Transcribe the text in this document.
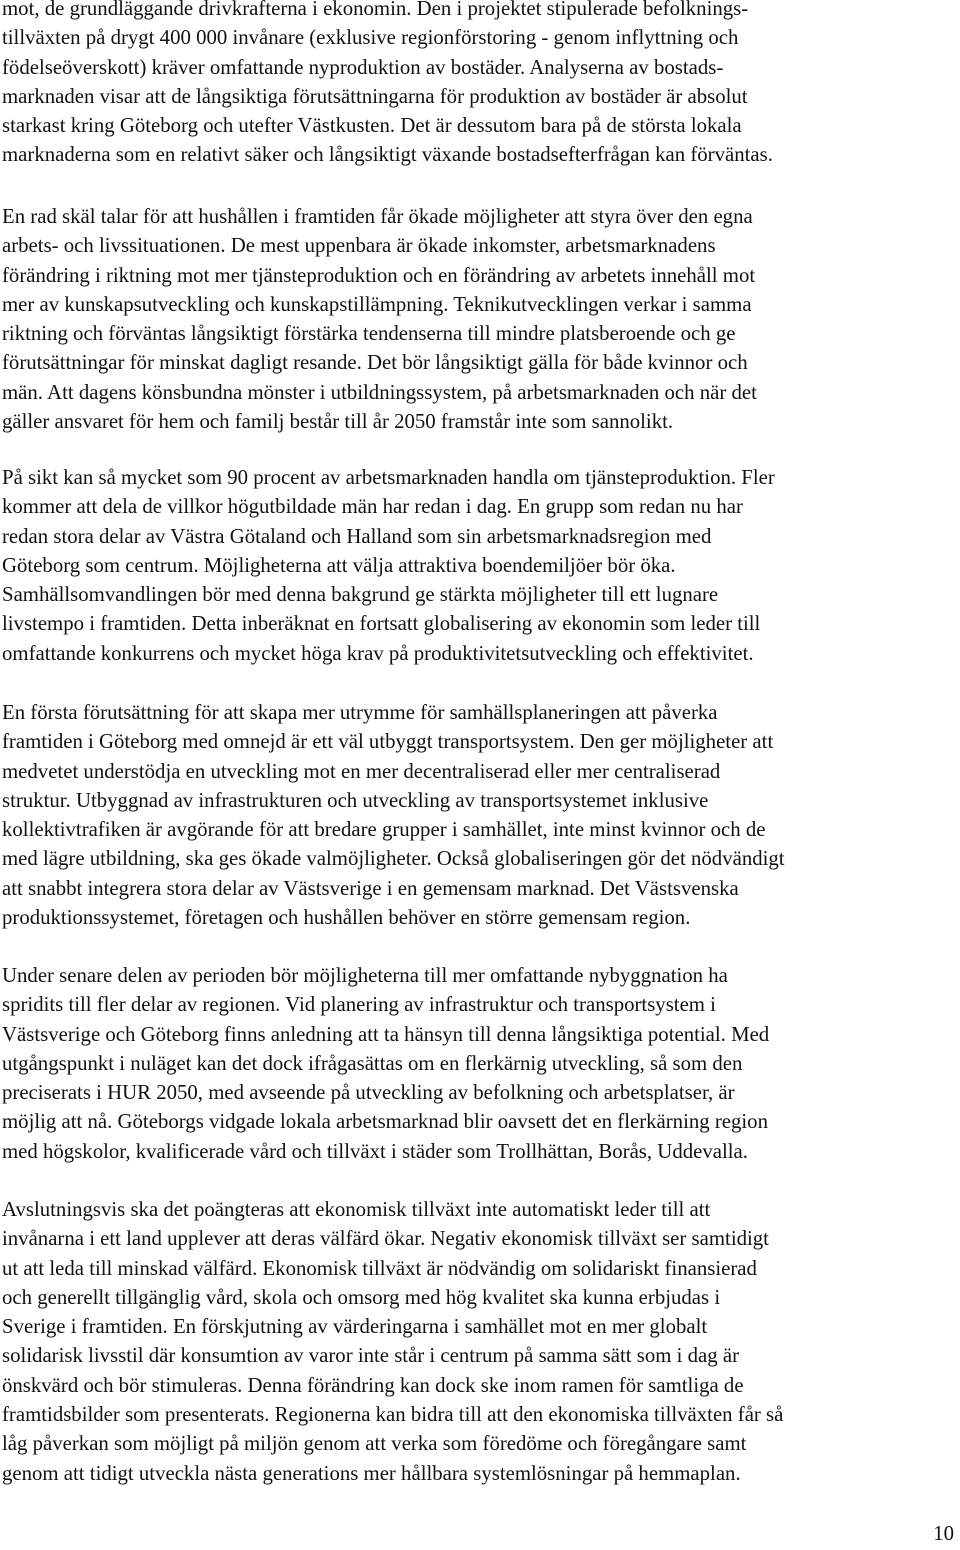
mot, de grundläggande drivkrafterna i ekonomin. Den i projektet stipulerade befolknings-
tillväxten på drygt 400 000 invånare (exklusive regionförstoring - genom inflyttning och
födelseöverskott) kräver omfattande nyproduktion av bostäder. Analyserna av bostads-
marknaden visar att de långsiktiga förutsättningarna för produktion av bostäder är absolut
starkast kring Göteborg och utefter Västkusten. Det är dessutom bara på de största lokala
marknaderna som en relativt säker och långsiktigt växande bostadsefterfrågan kan förväntas.

En rad skäl talar för att hushållen i framtiden får ökade möjligheter att styra över den egna
arbets- och livssituationen. De mest uppenbara är ökade inkomster, arbetsmarknadens
förändring i riktning mot mer tjänsteproduktion och en förändring av arbetets innehåll mot
mer av kunskapsutveckling och kunskapstillämpning. Teknikutvecklingen verkar i samma
riktning och förväntas långsiktigt förstärka tendenserna till mindre platsberoende och ge
förutsättningar för minskat dagligt resande. Det bör långsiktigt gälla för både kvinnor och
män. Att dagens könsbundna mönster i utbildningssystem, på arbetsmarknaden och när det
gäller ansvaret för hem och familj består till år 2050 framstår inte som sannolikt.

På sikt kan så mycket som 90 procent av arbetsmarknaden handla om tjänsteproduktion. Fler
kommer att dela de villkor högutbildade män har redan i dag. En grupp som redan nu har
redan stora delar av Västra Götaland och Halland som sin arbetsmarknadsregion med
Göteborg som centrum. Möjligheterna att välja attraktiva boendemiljöer bör öka.
Samhällsomvandlingen bör med denna bakgrund ge stärkta möjligheter till ett lugnare
livstempo i framtiden. Detta inberäknat en fortsatt globalisering av ekonomin som leder till
omfattande konkurrens och mycket höga krav på produktivitetsutveckling och effektivitet.

En första förutsättning för att skapa mer utrymme för samhällsplaneringen att påverka
framtiden i Göteborg med omnejd är ett väl utbyggt transportsystem. Den ger möjligheter att
medvetet understödja en utveckling mot en mer decentraliserad eller mer centraliserad
struktur. Utbyggnad av infrastrukturen och utveckling av transportsystemet inklusive
kollektivtrafiken är avgörande för att bredare grupper i samhället, inte minst kvinnor och de
med lägre utbildning, ska ges ökade valmöjligheter. Också globaliseringen gör det nödvändigt
att snabbt integrera stora delar av Västsverige i en gemensam marknad. Det Västsvenska
produktionssystemet, företagen och hushållen behöver en större gemensam region.

Under senare delen av perioden bör möjligheterna till mer omfattande nybyggnation ha
spridits till fler delar av regionen. Vid planering av infrastruktur och transportsystem i
Västsverige och Göteborg finns anledning att ta hänsyn till denna långsiktiga potential. Med
utgångspunkt i nuläget kan det dock ifrågasättas om en flerkärnig utveckling, så som den
preciserats i HUR 2050, med avseende på utveckling av befolkning och arbetsplatser, är
möjlig att nå. Göteborgs vidgade lokala arbetsmarknad blir oavsett det en flerkärning region
med högskolor, kvalificerade vård och tillväxt i städer som Trollhättan, Borås, Uddevalla.

Avslutningsvis ska det poängteras att ekonomisk tillväxt inte automatiskt leder till att
invånarna i ett land upplever att deras välfärd ökar. Negativ ekonomisk tillväxt ser samtidigt
ut att leda till minskad välfärd. Ekonomisk tillväxt är nödvändig om solidariskt finansierad
och generellt tillgänglig vård, skola och omsorg med hög kvalitet ska kunna erbjudas i
Sverige i framtiden. En förskjutning av värderingarna i samhället mot en mer globalt
solidarisk livsstil där konsumtion av varor inte står i centrum på samma sätt som i dag är
önskvärd och bör stimuleras. Denna förändring kan dock ske inom ramen för samtliga de
framtidsbilder som presenterats. Regionerna kan bidra till att den ekonomiska tillväxten får så
låg påverkan som möjligt på miljön genom att verka som föredöme och föregångare samt
genom att tidigt utveckla nästa generations mer hållbara systemlösningar på hemmaplan.

10
